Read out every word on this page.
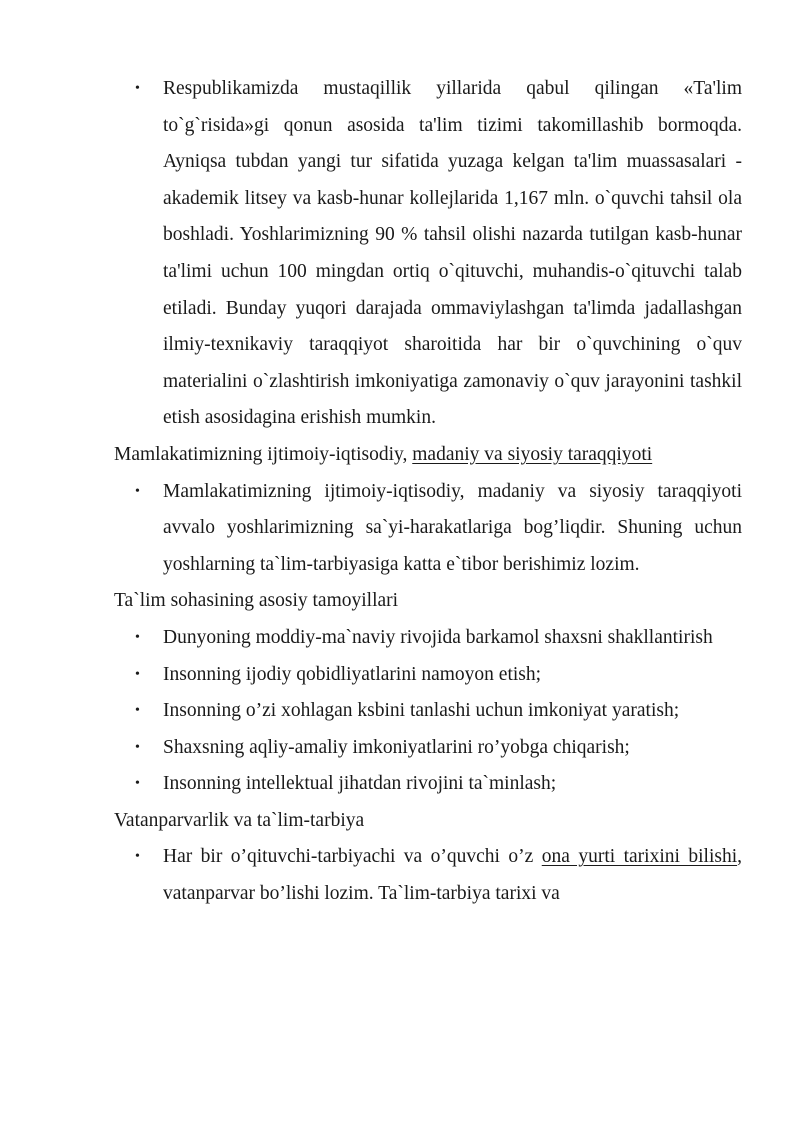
• Respublikamizda mustaqillik yillarida qabul qilingan «Ta'lim to`g`risida»gi qonun asosida ta'lim tizimi takomillashib bormoqda. Ayniqsa tubdan yangi tur sifatida yuzaga kelgan ta'lim muassasalari - akademik litsey va kasb-hunar kollejlarida 1,167 mln. o`quvchi tahsil ola boshladi. Yoshlarimizning 90 % tahsil olishi nazarda tutilgan kasb-hunar ta'limi uchun 100 mingdan ortiq o`qituvchi, muhandis-o`qituvchi talab etiladi. Bunday yuqori darajada ommaviylashgan ta'limda jadallashgan ilmiy-texnikaviy taraqqiyot sharoitida har bir o`quvchining o`quv materialini o`zlashtirish imkoniyatiga zamonaviy o`quv jarayonini tashkil etish asosidagina erishish mumkin.

Mamlakatimizning ijtimoiy-iqtisodiy, madaniy va siyosiy taraqqiyoti

• Mamlakatimizning ijtimoiy-iqtisodiy, madaniy va siyosiy taraqqiyoti avvalo yoshlarimizning sa`yi-harakatlariga bog’liqdir. Shuning uchun yoshlarning ta`lim-tarbiyasiga katta e`tibor berishimiz lozim.

Ta`lim sohasining asosiy tamoyillari

• Dunyoning moddiy-ma`naviy rivojida barkamol shaxsni shakllantirish
• Insonning ijodiy qobidliyatlarini namoyon etish;
• Insonning o’zi xohlagan ksbini tanlashi uchun imkoniyat yaratish;
• Shaxsning aqliy-amaliy imkoniyatlarini ro’yobga chiqarish;
• Insonning intellektual jihatdan rivojini ta`minlash;

Vatanparvarlik va ta`lim-tarbiya

• Har bir o’qituvchi-tarbiyachi va o’quvchi o’z ona yurti tarixini bilishi, vatanparvar bo’lishi lozim. Ta`lim-tarbiya tarixi va
